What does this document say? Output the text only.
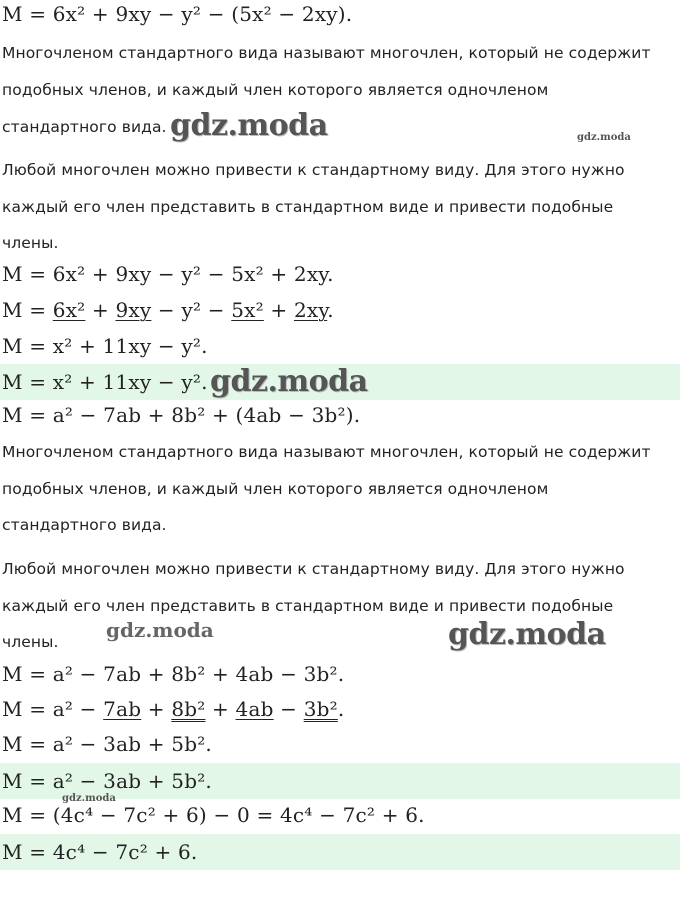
M = 6x² + 9xy − y² − (5x² − 2xy).
Многочленом стандартного вида называют многочлен, который не содержит
подобных членов, и каждый член которого является одночленом
стандартного вида.
Любой многочлен можно привести к стандартному виду. Для этого нужно
каждый его член представить в стандартном виде и привести подобные
члены.
M = 6x² + 9xy − y² − 5x² + 2xy.
M = 6x² + 9xy − y² − 5x² + 2xy.
M = x² + 11xy − y².
M = x² + 11xy − y².
M = a² − 7ab + 8b² + (4ab − 3b²).
Многочленом стандартного вида называют многочлен, который не содержит
подобных членов, и каждый член которого является одночленом
стандартного вида.
Любой многочлен можно привести к стандартному виду. Для этого нужно
каждый его член представить в стандартном виде и привести подобные
члены.
M = a² − 7ab + 8b² + 4ab − 3b².
M = a² − 7ab + 8b² + 4ab − 3b².
M = a² − 3ab + 5b².
M = a² − 3ab + 5b².
M = (4c⁴ − 7c² + 6) − 0 = 4c⁴ − 7c² + 6.
M = 4c⁴ − 7c² + 6.
gdz.moda	gdz.moda
gdz.moda
gdz.moda	gdz.moda
gdz.moda
